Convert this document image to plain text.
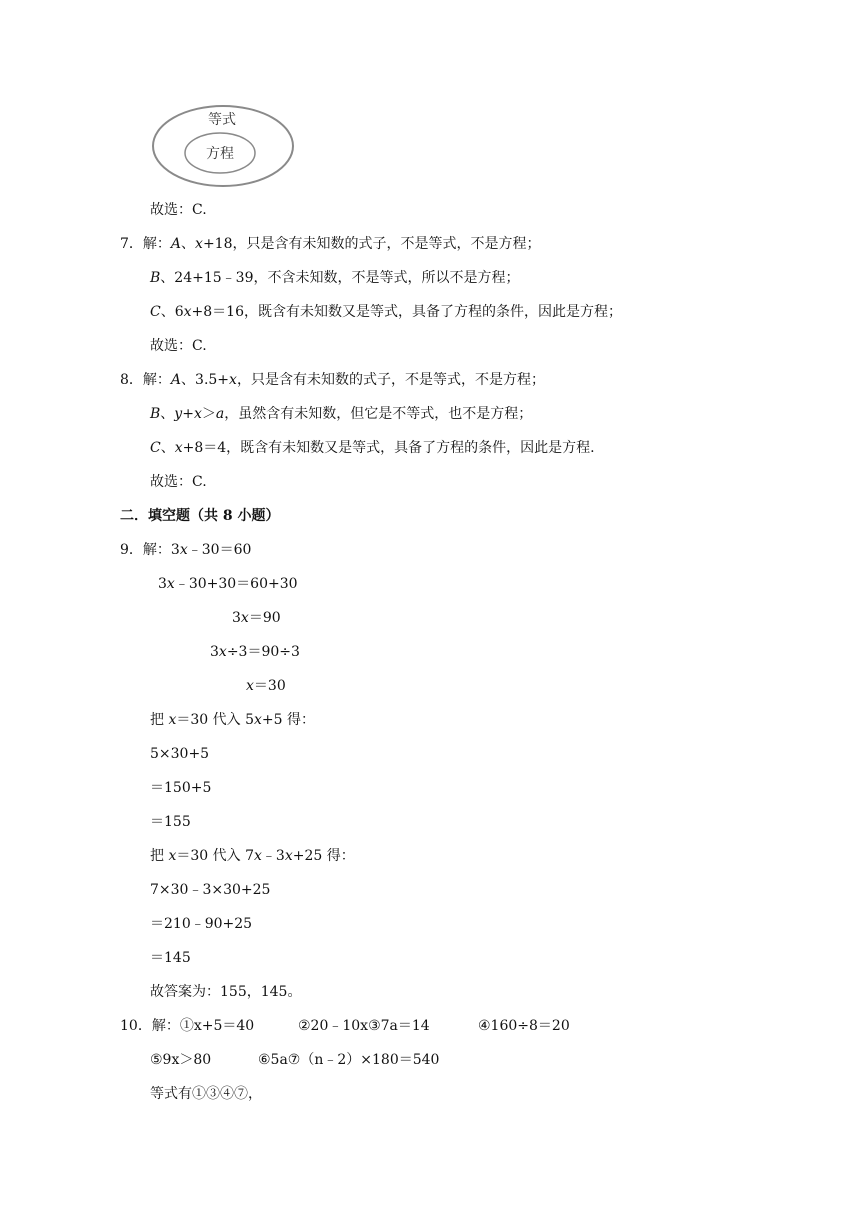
等式
方程
故选：C.
7．解：A、x+18，只是含有未知数的式子，不是等式，不是方程；
B、24+15﹣39，不含未知数，不是等式，所以不是方程；
C、6x+8＝16，既含有未知数又是等式，具备了方程的条件，因此是方程；
故选：C.
8．解：A、3.5+x，只是含有未知数的式子，不是等式，不是方程；
B、y+x＞a，虽然含有未知数，但它是不等式，也不是方程；
C、x+8＝4，既含有未知数又是等式，具备了方程的条件，因此是方程.
故选：C.
二．填空题（共 8 小题）
9．解：3x﹣30＝60
3x﹣30+30＝60+30
3x＝90
3x÷3＝90÷3
x＝30
把 x＝30 代入 5x+5 得：
5×30+5
＝150+5
＝155
把 x＝30 代入 7x﹣3x+25 得：
7×30﹣3×30+25
＝210﹣90+25
＝145
故答案为：155，145。
10．解：①x+5＝40	②20﹣10x③7a＝14	④160÷8＝20
⑤9x＞80	⑥5a⑦（n﹣2）×180＝540
等式有①③④⑦，
